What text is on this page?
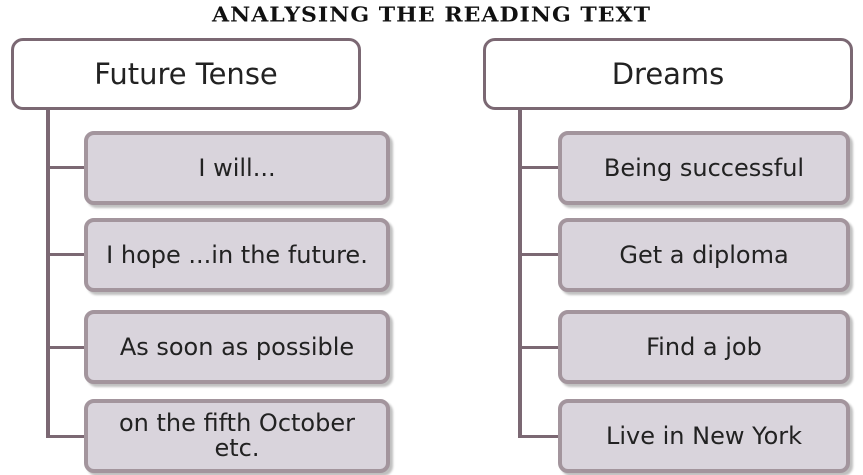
ANALYSING THE READING TEXT
Future Tense
I will...
I hope ...in the future.
As soon as possible
on the fifth October etc.
Dreams
Being successful
Get a diploma
Find a job
Live in New York
